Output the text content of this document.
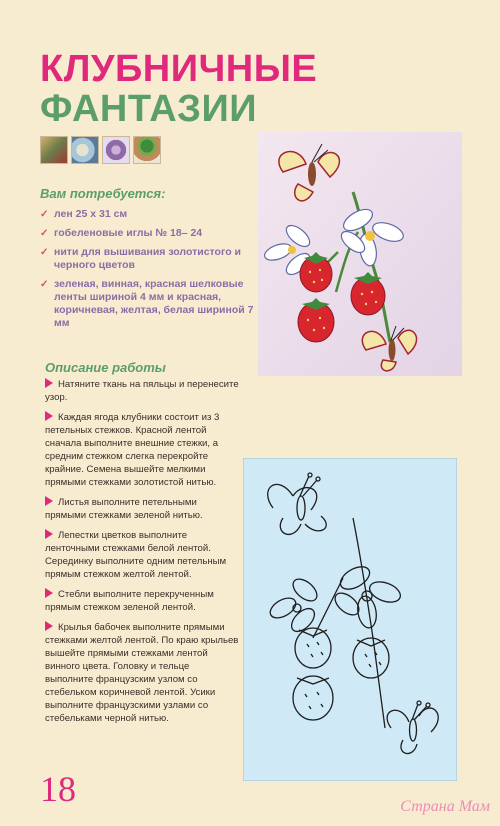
КЛУБНИЧНЫЕ
ФАНТАЗИИ
Вам потребуется:
✓ лен 25 х 31 см
✓ гобеленовые иглы № 18– 24
✓ нити для вышивания золотистого и черного цветов
✓ зеленая, винная, красная шелковые ленты шириной 4 мм и красная, коричневая, желтая, белая шириной 7 мм
Описание работы
Натяните ткань на пяльцы и перенесите узор.
Каждая ягода клубники состоит из 3 петельных стежков. Красной лентой сначала выполните внешние стежки, а средним стежком слегка перекройте крайние. Семена вышейте мелкими прямыми стежками золотистой нитью.
Листья выполните петельными прямыми стежками зеленой нитью.
Лепестки цветков выполните ленточными стежками белой лентой. Серединку выполните одним петельным прямым стежком желтой лентой.
Стебли выполните перекрученным прямым стежком зеленой лентой.
Крылья бабочек выполните прямыми стежками желтой лентой. По краю крыльев вышейте прямыми стежками лентой винного цвета. Головку и тельце выполните французским узлом со стебельком коричневой лентой. Усики выполните французскими узлами со стебельками черной нитью.
18	Страна Мам
